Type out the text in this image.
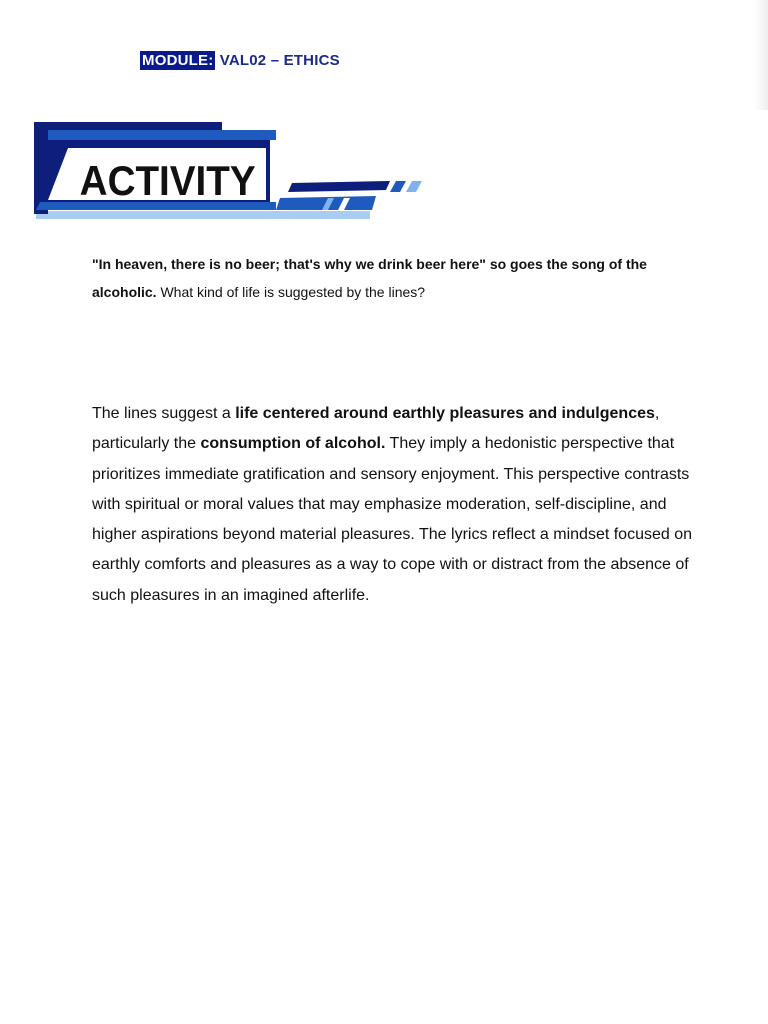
MODULE: VAL02 – ETHICS
ACTIVITY
"In heaven, there is no beer; that's why we drink beer here" so goes the song of the alcoholic. What kind of life is suggested by the lines?
The lines suggest a life centered around earthly pleasures and indulgences, particularly the consumption of alcohol. They imply a hedonistic perspective that prioritizes immediate gratification and sensory enjoyment. This perspective contrasts with spiritual or moral values that may emphasize moderation, self-discipline, and higher aspirations beyond material pleasures. The lyrics reflect a mindset focused on earthly comforts and pleasures as a way to cope with or distract from the absence of such pleasures in an imagined afterlife.
